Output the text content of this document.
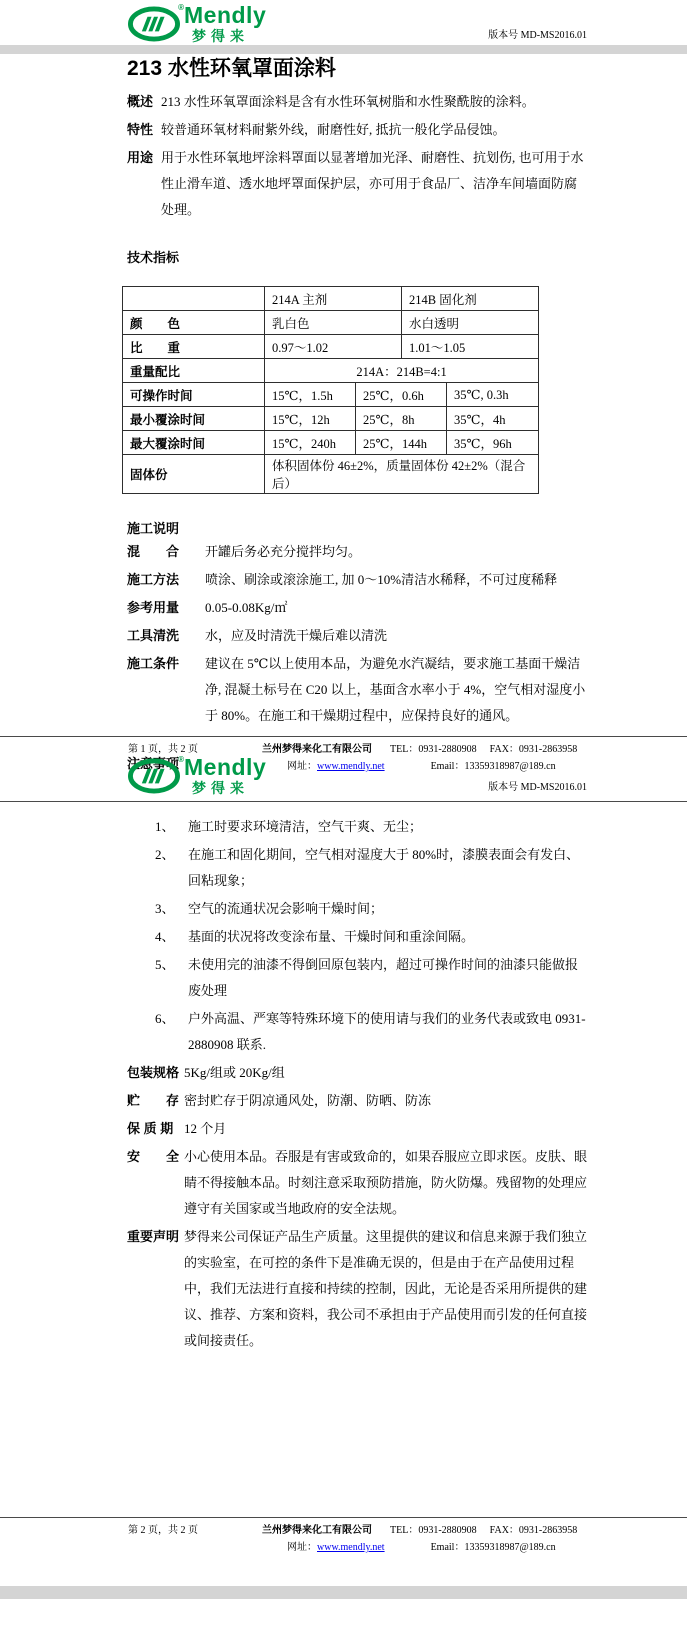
® Mendly
梦得来	版本号 MD-MS2016.01
213 水性环氧罩面涂料
概述 213 水性环氧罩面涂料是含有水性环氧树脂和水性聚酰胺的涂料。

特性 较普通环氧材料耐紫外线，耐磨性好, 抵抗一般化学品侵蚀。

用途 用于水性环氧地坪涂料罩面以显著增加光泽、耐磨性、抗划伤, 也可用于水性止滑车道、透水地坪罩面保护层，亦可用于食品厂、洁净车间墙面防腐处理。

技术指标
	214A 主剂		214B 固化剂	
颜　　色	乳白色		水白透明	
比　　重	0.97～1.02		1.01～1.05	
重量配比	214A：214B=4:1			
可操作时间	15℃，1.5h	25℃，0.6h		35℃, 0.3h
最小覆涂时间	15℃，12h	25℃，8h		35℃，4h
最大覆涂时间	15℃，240h	25℃，144h		35℃，96h
固体份	体积固体份 46±2%，质量固体份 42±2%（混合后）			
施工说明
混　　合	开罐后务必充分搅拌均匀。

施工方法	喷涂、刷涂或滚涂施工, 加 0～10%清洁水稀释，不可过度稀释

参考用量	0.05-0.08Kg/㎡

工具清洗	水，应及时清洗干燥后难以清洗

施工条件	建议在 5℃以上使用本品，为避免水汽凝结，要求施工基面干燥洁净, 混凝土标号在 C20 以上，基面含水率小于 4%，空气相对湿度小于 80%。在施工和干燥期过程中，应保持良好的通风。

注意事项
第 1 页，共 2 页	兰州梦得来化工有限公司 TEL：0931-2880908 FAX：0931-2863958
网址： www.mendly.net	Email：13359318987@189.cn
® Mendly
梦得来	版本号 MD-MS2016.01
1、	施工时要求环境清洁，空气干爽、无尘；

2、	在施工和固化期间，空气相对湿度大于 80%时，漆膜表面会有发白、回粘现象；

3、	空气的流通状况会影响干燥时间；

4、	基面的状况将改变涂布量、干燥时间和重涂间隔。

5、	未使用完的油漆不得倒回原包装内，超过可操作时间的油漆只能做报废处理

6、	户外高温、严寒等特殊环境下的使用请与我们的业务代表或致电 0931-2880908 联系.

包装规格 5Kg/组或 20Kg/组

贮　　存 密封贮存于阴凉通风处，防潮、防晒、防冻

保 质 期 12 个月

安　　全 小心使用本品。吞服是有害或致命的，如果吞服应立即求医。皮肤、眼睛不得接触本品。时刻注意采取预防措施，防火防爆。残留物的处理应遵守有关国家或当地政府的安全法规。

重要声明 梦得来公司保证产品生产质量。这里提供的建议和信息来源于我们独立的实验室，在可控的条件下是准确无误的，但是由于在产品使用过程中，我们无法进行直接和持续的控制，因此，无论是否采用所提供的建议、推荐、方案和资料，我公司不承担由于产品使用而引发的任何直接或间接责任。

第 2 页，共 2 页	兰州梦得来化工有限公司 TEL：0931-2880908 FAX：0931-2863958
网址： www.mendly.net	Email：13359318987@189.cn
